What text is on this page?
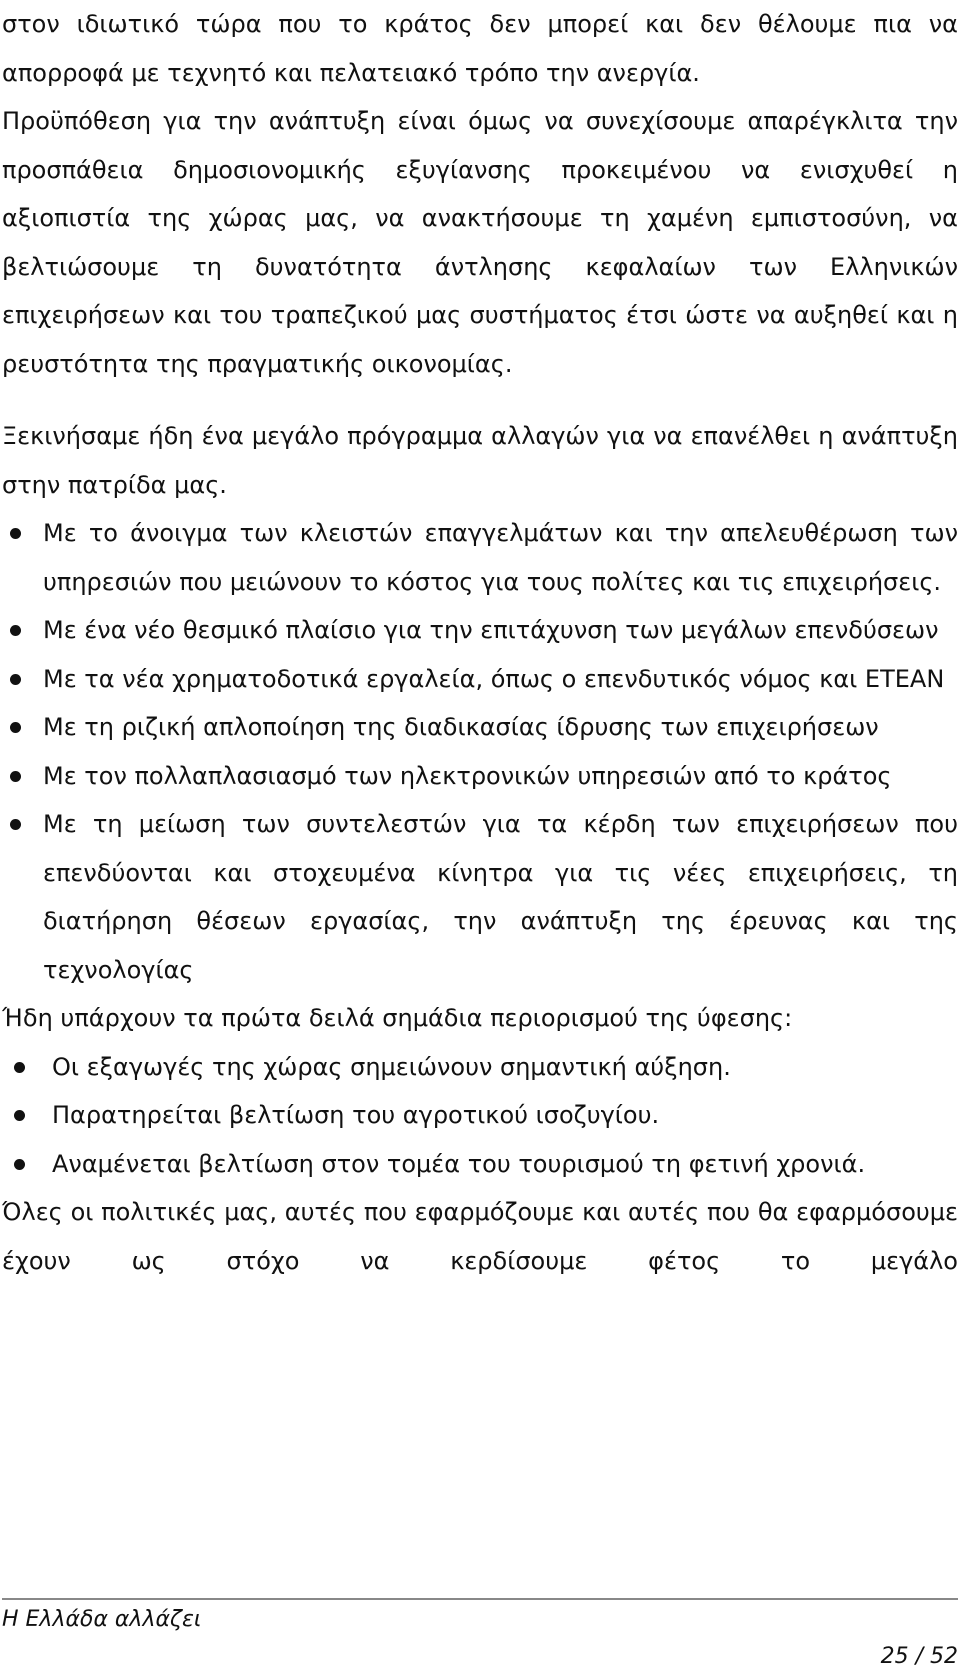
στον ιδιωτικό τώρα που το κράτος δεν μπορεί και δεν θέλουμε πια να
απορροφά με τεχνητό και πελατειακό τρόπο την ανεργία.

Προϋπόθεση για την ανάπτυξη είναι όμως να συνεχίσουμε απαρέγκλιτα την προσπάθεια δημοσιονομικής εξυγίανσης προκειμένου να ενισχυθεί η αξιοπιστία της χώρας μας, να ανακτήσουμε τη χαμένη εμπιστοσύνη, να βελτιώσουμε τη δυνατότητα άντλησης κεφαλαίων των Ελληνικών επιχειρήσεων και του τραπεζικού μας συστήματος έτσι ώστε να αυξηθεί και η ρευστότητα της πραγματικής οικονομίας.

Ξεκινήσαμε ήδη ένα μεγάλο πρόγραμμα αλλαγών για να επανέλθει η ανάπτυξη στην πατρίδα μας.

Με το άνοιγμα των κλειστών επαγγελμάτων και την απελευθέρωση των υπηρεσιών που μειώνουν το κόστος για τους πολίτες και τις επιχειρήσεις.
Με ένα νέο θεσμικό πλαίσιο για την επιτάχυνση των μεγάλων επενδύσεων
Με τα νέα χρηματοδοτικά εργαλεία, όπως ο επενδυτικός νόμος και ΕΤΕΑΝ
Με τη ριζική απλοποίηση της διαδικασίας ίδρυσης των επιχειρήσεων
Με τον πολλαπλασιασμό των ηλεκτρονικών υπηρεσιών από το κράτος
Με τη μείωση των συντελεστών για τα κέρδη των επιχειρήσεων που επενδύονται και στοχευμένα κίνητρα για τις νέες επιχειρήσεις, τη διατήρηση θέσεων εργασίας, την ανάπτυξη της έρευνας και της τεχνολογίας

Ήδη υπάρχουν τα πρώτα δειλά σημάδια περιορισμού της ύφεσης:

Οι εξαγωγές της χώρας σημειώνουν σημαντική αύξηση.
Παρατηρείται βελτίωση του αγροτικού ισοζυγίου.
Αναμένεται βελτίωση στον τομέα του τουρισμού τη φετινή χρονιά.

Όλες οι πολιτικές μας, αυτές που εφαρμόζουμε και αυτές που θα εφαρμόσουμε έχουν ως στόχο να κερδίσουμε φέτος το μεγάλο

Η Ελλάδα αλλάζει
25 / 52
